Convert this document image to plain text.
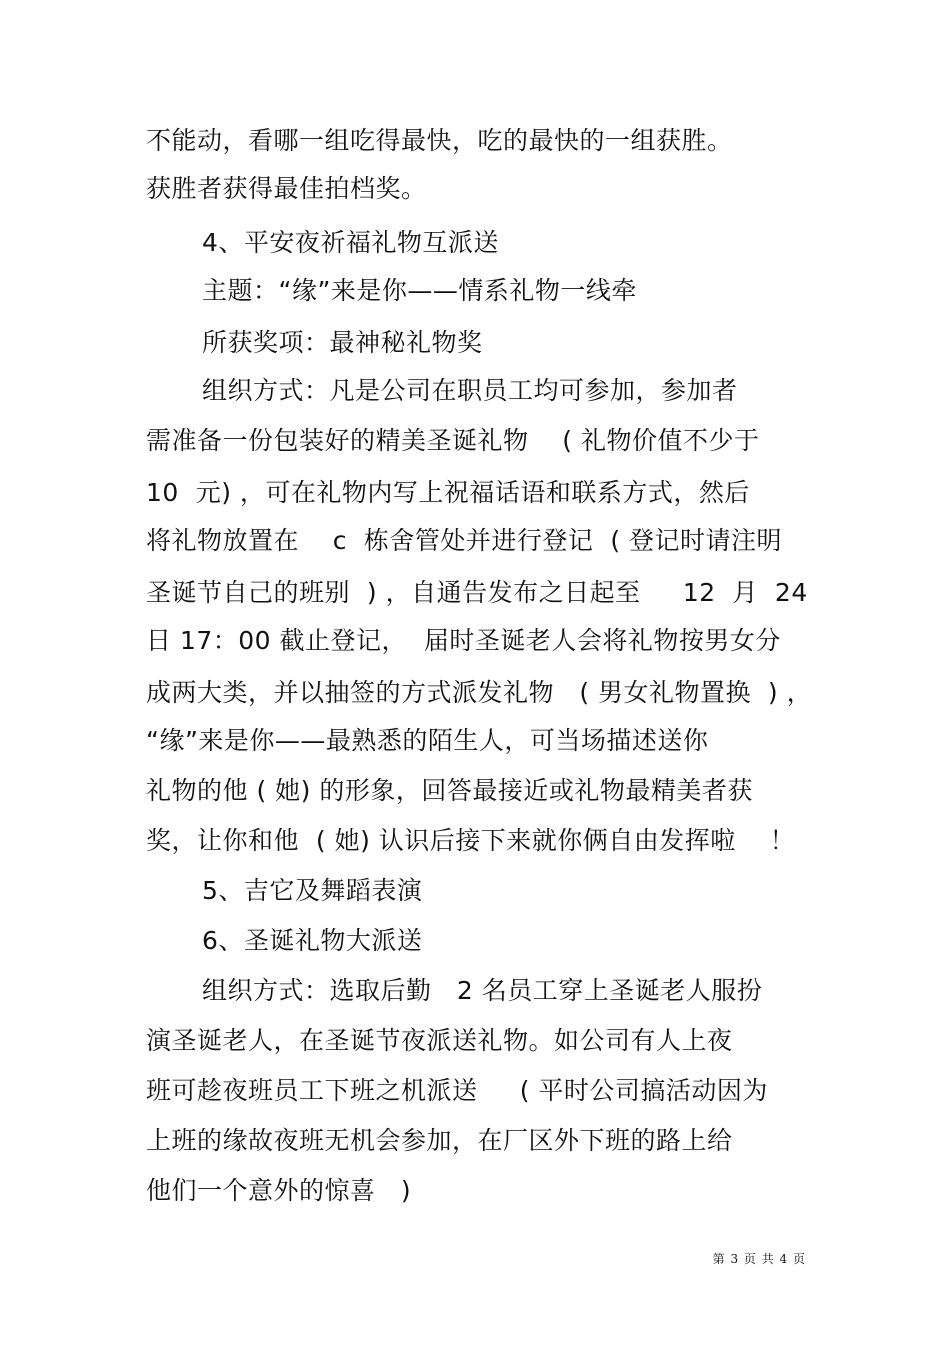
不能动，看哪一组吃得最快，吃的最快的一组获胜。
获胜者获得最佳拍档奖。
4、平安夜祈福礼物互派送
主题：“缘”来是你——情系礼物一线牵
所获奖项：最神秘礼物奖
组织方式：凡是公司在职员工均可参加，参加者
需准备一份包装好的精美圣诞礼物    ( 礼物价值不少于
10  元) ，可在礼物内写上祝福话语和联系方式，然后
将礼物放置在    c  栋舍管处并进行登记  ( 登记时请注明
圣诞节自己的班别  ) ，自通告发布之日起至     12  月  24
日 17：00 截止登记，  届时圣诞老人会将礼物按男女分
成两大类，并以抽签的方式派发礼物   ( 男女礼物置换  ) ，
“缘”来是你——最熟悉的陌生人，可当场描述送你
礼物的他 ( 她) 的形象，回答最接近或礼物最精美者获
奖，让你和他  ( 她) 认识后接下来就你俩自由发挥啦    ！
5、吉它及舞蹈表演
6、圣诞礼物大派送
组织方式：选取后勤   2 名员工穿上圣诞老人服扮
演圣诞老人，在圣诞节夜派送礼物。如公司有人上夜
班可趁夜班员工下班之机派送     ( 平时公司搞活动因为
上班的缘故夜班无机会参加，在厂区外下班的路上给
他们一个意外的惊喜   )
第 3 页 共 4 页
